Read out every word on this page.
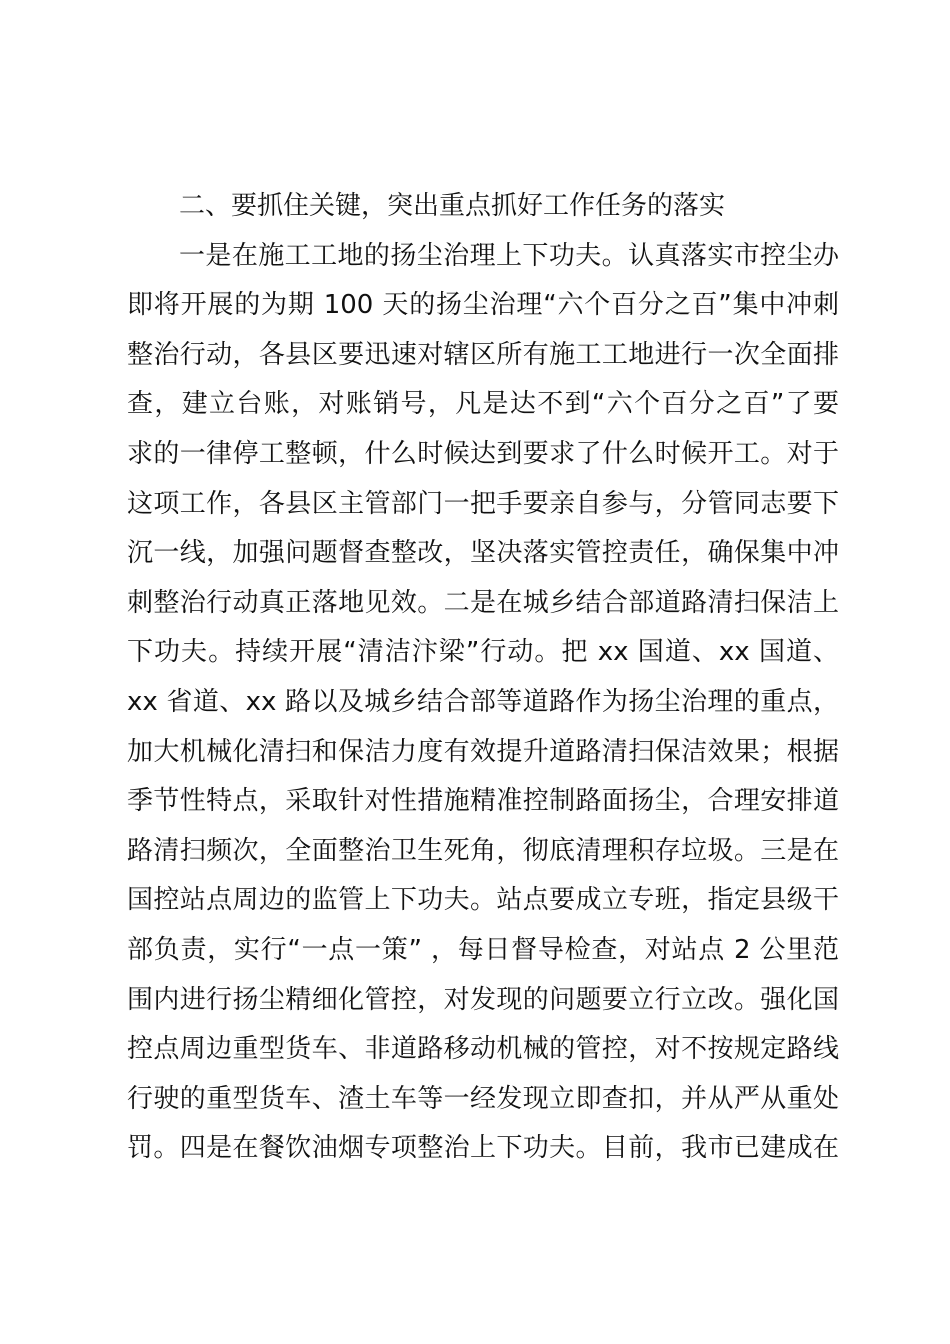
二、要抓住关键，突出重点抓好工作任务的落实
一是在施工工地的扬尘治理上下功夫。认真落实市控尘办
即将开展的为期 100 天的扬尘治理“六个百分之百”集中冲刺
整治行动，各县区要迅速对辖区所有施工工地进行一次全面排
查，建立台账，对账销号，凡是达不到“六个百分之百”了要
求的一律停工整顿，什么时候达到要求了什么时候开工。对于
这项工作，各县区主管部门一把手要亲自参与，分管同志要下
沉一线，加强问题督查整改，坚决落实管控责任，确保集中冲
刺整治行动真正落地见效。二是在城乡结合部道路清扫保洁上
下功夫。持续开展“清洁汴梁”行动。把 xx 国道、xx 国道、
xx 省道、xx 路以及城乡结合部等道路作为扬尘治理的重点，
加大机械化清扫和保洁力度有效提升道路清扫保洁效果；根据
季节性特点，采取针对性措施精准控制路面扬尘，合理安排道
路清扫频次，全面整治卫生死角，彻底清理积存垃圾。三是在
国控站点周边的监管上下功夫。站点要成立专班，指定县级干
部负责，实行“一点一策” ，每日督导检查，对站点 2 公里范
围内进行扬尘精细化管控，对发现的问题要立行立改。强化国
控点周边重型货车、非道路移动机械的管控，对不按规定路线
行驶的重型货车、渣土车等一经发现立即查扣，并从严从重处
罚。四是在餐饮油烟专项整治上下功夫。目前，我市已建成在
